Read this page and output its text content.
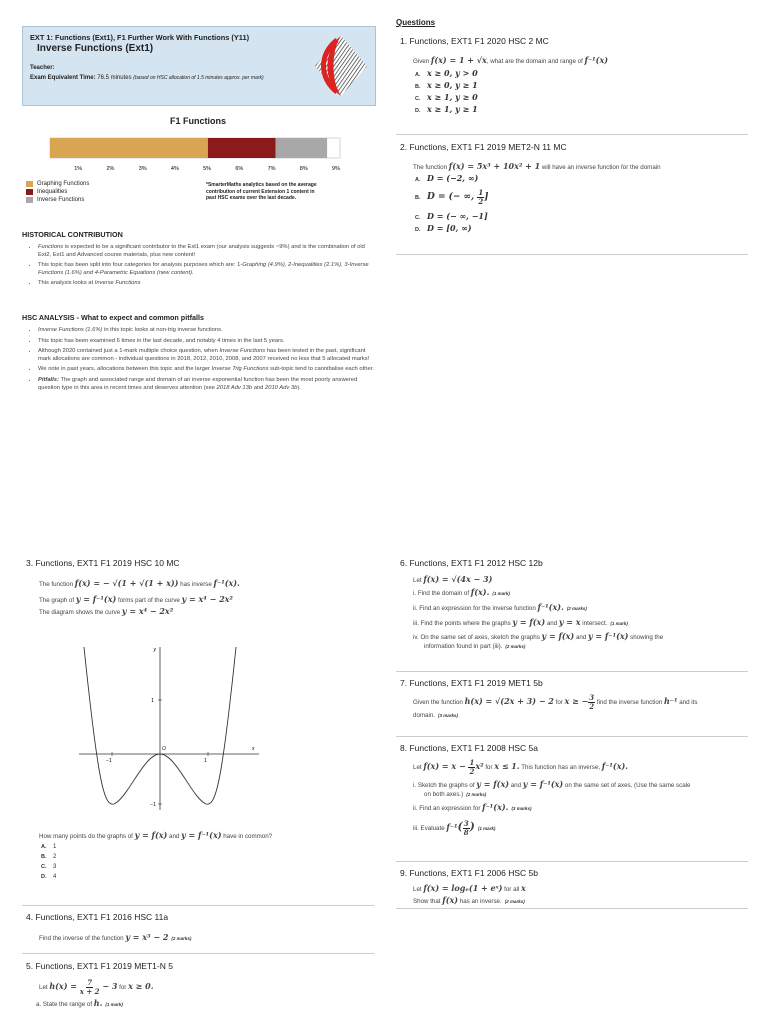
EXT 1: Functions (Ext1), F1 Further Work With Functions (Y11)
Inverse Functions (Ext1)
Teacher:
Exam Equivalent Time: 76.5 minutes (based on HSC allocation of 1.5 minutes approx. per mark)
F1 Functions
1%	2%	3%	4%	5%	6%	7%	8%	9%
Graphing Functions
Inequalities
Inverse Functions
*SmarterMaths analytics based on the average contribution of current Extension 1 content in past HSC exams over the last decade.
HISTORICAL CONTRIBUTION
• Functions is expected to be a significant contributor to the Ext1 exam (our analysis suggests ~9%) and is the combination of old Ext2, Ext1 and Advanced course materials, plus new content!
• This topic has been split into four categories for analysis purposes which are: 1-Graphing (4.9%), 2-Inequalities (2.1%), 3-Inverse Functions (1.6%) and 4-Parametric Equations (new content).
• This analysis looks at Inverse Functions
HSC ANALYSIS - What to expect and common pitfalls
• Inverse Functions (1.6%) in this topic looks at non-trig inverse functions.
• This topic has been examined 6 times in the last decade, and notably 4 times in the last 5 years.
• Although 2020 contained just a 1-mark multiple choice question, when Inverse Functions has been tested in the past, significant mark allocations are common - individual questions in 2018, 2012, 2010, 2008, and 2007 received no less that 5 allocated marks!
• We note in past years, allocations between this topic and the larger Inverse Trig Functions sub-topic tend to cannibalise each other.
• Pitfalls: The graph and associated range and domain of an inverse exponential function has been the most poorly answered question type in this area in recent times and deserves attention (see 2018 Adv 13b and 2010 Adv 3b).
Questions
1. Functions, EXT1 F1 2020 HSC 2 MC
Given f(x) = 1 + √x, what are the domain and range of f⁻¹(x)
A. x ≥ 0, y > 0
B. x ≥ 0, y ≥ 1
C. x ≥ 1, y ≥ 0
D. x ≥ 1, y ≥ 1
2. Functions, EXT1 F1 2019 MET2-N 11 MC
The function f(x) = 5x³ + 10x² + 1 will have an inverse function for the domain
A. D = (−2, ∞)
B. D = (− ∞, $\frac{1}{2}$ ]
C. D = (− ∞, −1]
D. D = [0, ∞)
3. Functions, EXT1 F1 2019 HSC 10 MC
The function f(x) = − √(1 + √(1 + x)) has inverse f⁻¹(x).
The graph of y = f⁻¹(x) forms part of the curve y = x⁴ − 2x²
The diagram shows the curve y = x⁴ − 2x²
y
x
O
1
−1
1
−1
How many points do the graphs of y = f(x) and y = f⁻¹(x) have in common?
A. 1
B. 2
C. 3
D. 4
4. Functions, EXT1 F1 2016 HSC 11a
Find the inverse of the function y = x³ − 2 (2 marks)
5. Functions, EXT1 F1 2019 MET1-N 5
Let $h(x) = \frac{7}{x + 2} - 3$ for x ≥ 0.
a. State the range of h. (1 mark)
6. Functions, EXT1 F1 2012 HSC 12b
Let f(x) = √(4x − 3)
i. Find the domain of f(x). (1 mark)
ii. Find an expression for the inverse function f⁻¹(x). (2 marks)
iii. Find the points where the graphs y = f(x) and y = x intersect. (1 mark)
iv. On the same set of axes, sketch the graphs y = f(x) and y = f⁻¹(x) showing the
information found in part (iii). (2 marks)
7. Functions, EXT1 F1 2019 MET1 5b
Given the function h(x) = √(2x + 3) − 2 for x ≥ − $\frac{3}{2}$ find the inverse function h⁻¹ and its
domain. (3 marks)
8. Functions, EXT1 F1 2008 HSC 5a
Let $f(x) = x - \frac{1}{2} x^2$ for x ≤ 1. This function has an inverse, f⁻¹(x).
i. Sketch the graphs of y = f(x) and y = f⁻¹(x) on the same set of axes. (Use the same scale
on both axes.) (2 marks)
ii. Find an expression for f⁻¹(x). (3 marks)
iii. Evaluate $f^{-1}( \frac{3}{8}$ ) (1 mark)
9. Functions, EXT1 F1 2006 HSC 5b
Let f(x) = logₑ(1 + eˣ) for all x
Show that f(x) has an inverse. (2 marks)
